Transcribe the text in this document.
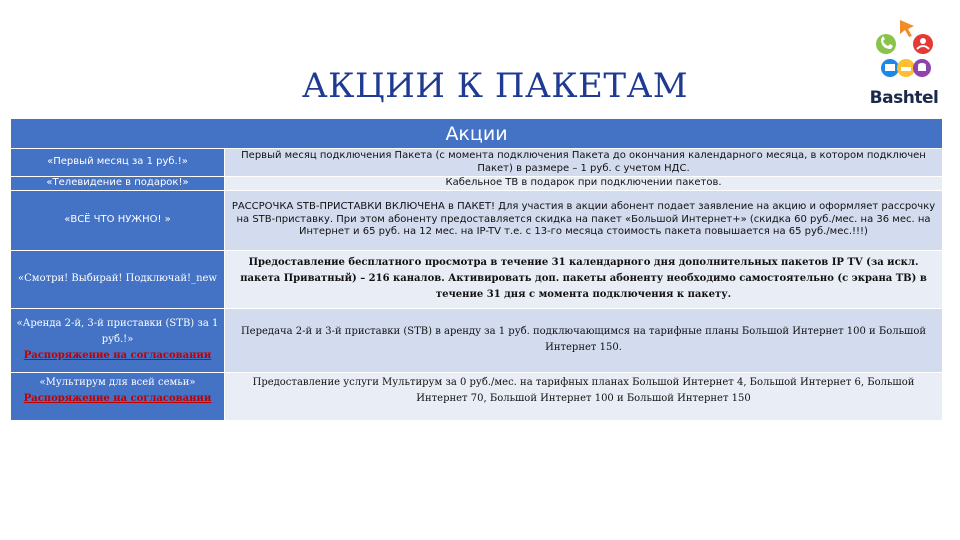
АКЦИИ К ПАКЕТАМ	Bashtel
Акции	
«Первый месяц за 1 руб.!»	Первый месяц подключения Пакета (с момента подключения Пакета до окончания календарного месяца, в котором подключен Пакет) в размере – 1 руб. с учетом НДС.
«Телевидение в подарок!»	Кабельное ТВ в подарок при подключении пакетов.
«ВСЁ ЧТО НУЖНО! »	РАССРОЧКА STB-ПРИСТАВКИ ВКЛЮЧЕНА в ПАКЕТ! Для участия в акции абонент подает заявление на акцию и оформляет рассрочку на STB-приставку. При этом абоненту предоставляется скидка на пакет «Большой Интернет+» (скидка 60 руб./мес. на 36 мес. на Интернет и 65 руб. на 12 мес. на IP-TV т.е. с 13-го месяца стоимость пакета повышается на 65 руб./мес.!!!)
«Смотри! Выбирай! Подключай!_new	Предоставление бесплатного просмотра в течение 31 календарного дня дополнительных пакетов IP TV (за искл. пакета Приватный) – 216 каналов. Активировать доп. пакеты абоненту необходимо самостоятельно (с экрана ТВ) в течение 31 дня с момента подключения к пакету.
«Аренда 2-й, 3-й приставки (STB) за 1 руб.!»
Распоряжение на согласовании	Передача 2-й и 3-й приставки (STB) в аренду за 1 руб. подключающимся на тарифные планы Большой Интернет 100 и Большой Интернет 150.
«Мультирум для всей семьи»
Распоряжение на согласовании	Предоставление услуги Мультирум за 0 руб./мес. на тарифных планах Большой Интернет 4, Большой Интернет 6, Большой Интернет 70, Большой Интернет 100 и Большой Интернет 150
